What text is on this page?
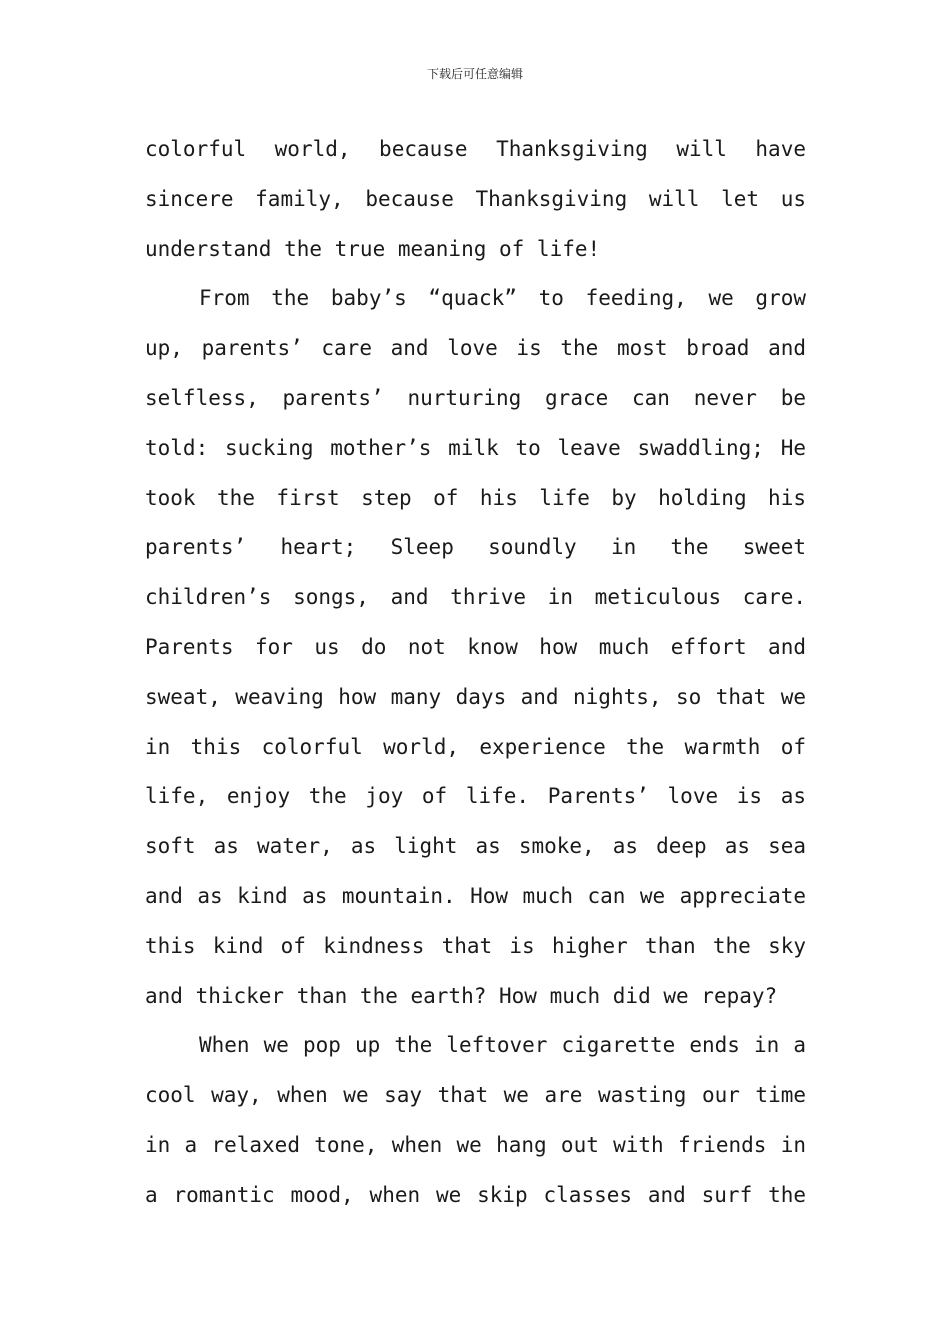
下载后可任意编辑
colorful world, because Thanksgiving will have
sincere family, because Thanksgiving will let us
understand the true meaning of life!
From the baby’s “quack” to feeding, we grow
up, parents’ care and love is the most broad and
selfless, parents’ nurturing grace can never be
told: sucking mother’s milk to leave swaddling; He
took the first step of his life by holding his
parents’ heart; Sleep soundly in the sweet
children’s songs, and thrive in meticulous care.
Parents for us do not know how much effort and
sweat, weaving how many days and nights, so that we
in this colorful world, experience the warmth of
life, enjoy the joy of life. Parents’ love is as
soft as water, as light as smoke, as deep as sea
and as kind as mountain. How much can we appreciate
this kind of kindness that is higher than the sky
and thicker than the earth? How much did we repay?
When we pop up the leftover cigarette ends in a
cool way, when we say that we are wasting our time
in a relaxed tone, when we hang out with friends in
a romantic mood, when we skip classes and surf the
